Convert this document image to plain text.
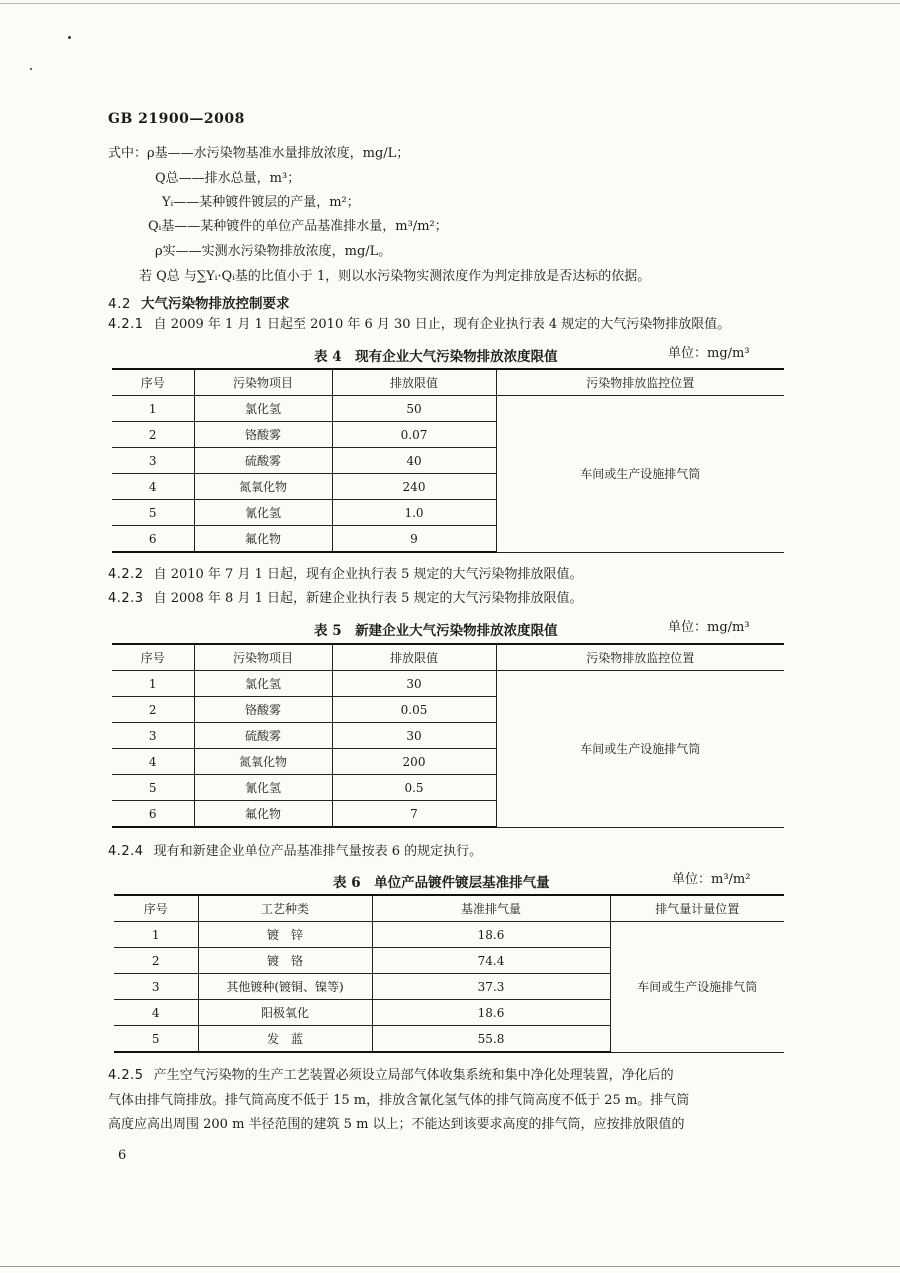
GB 21900—2008
式中：ρ基——水污染物基准水量排放浓度，mg/L；
Q总——排水总量，m³；
Yᵢ——某种镀件镀层的产量，m²；
Qᵢ基——某种镀件的单位产品基准排水量，m³/m²；
ρ实——实测水污染物排放浓度，mg/L。
若 Q总 与∑Yᵢ·Qᵢ基的比值小于 1，则以水污染物实测浓度作为判定排放是否达标的依据。
4.2 大气污染物排放控制要求
4.2.1 自 2009 年 1 月 1 日起至 2010 年 6 月 30 日止，现有企业执行表 4 规定的大气污染物排放限值。
表 4　现有企业大气污染物排放浓度限值	单位：mg/m³
序号	污染物项目	排放限值	污染物排放监控位置
1	氯化氢	50	车间或生产设施排气筒
2	铬酸雾	0.07	
3	硫酸雾	40	
4	氮氧化物	240	
5	氰化氢	1.0	
6	氟化物	9	
4.2.2 自 2010 年 7 月 1 日起，现有企业执行表 5 规定的大气污染物排放限值。
4.2.3 自 2008 年 8 月 1 日起，新建企业执行表 5 规定的大气污染物排放限值。
表 5　新建企业大气污染物排放浓度限值	单位：mg/m³
序号	污染物项目	排放限值	污染物排放监控位置
1	氯化氢	30	车间或生产设施排气筒
2	铬酸雾	0.05	
3	硫酸雾	30	
4	氮氧化物	200	
5	氰化氢	0.5	
6	氟化物	7	
4.2.4 现有和新建企业单位产品基准排气量按表 6 的规定执行。
表 6　单位产品镀件镀层基准排气量	单位：m³/m²
序号	工艺种类	基准排气量	排气量计量位置
1	镀　锌	18.6	车间或生产设施排气筒
2	镀　铬	74.4	
3	其他镀种(镀铜、镍等)	37.3	
4	阳极氧化	18.6	
5	发　蓝	55.8	
4.2.5 产生空气污染物的生产工艺装置必须设立局部气体收集系统和集中净化处理装置，净化后的
气体由排气筒排放。排气筒高度不低于 15 m，排放含氰化氢气体的排气筒高度不低于 25 m。排气筒
高度应高出周围 200 m 半径范围的建筑 5 m 以上；不能达到该要求高度的排气筒，应按排放限值的
6
